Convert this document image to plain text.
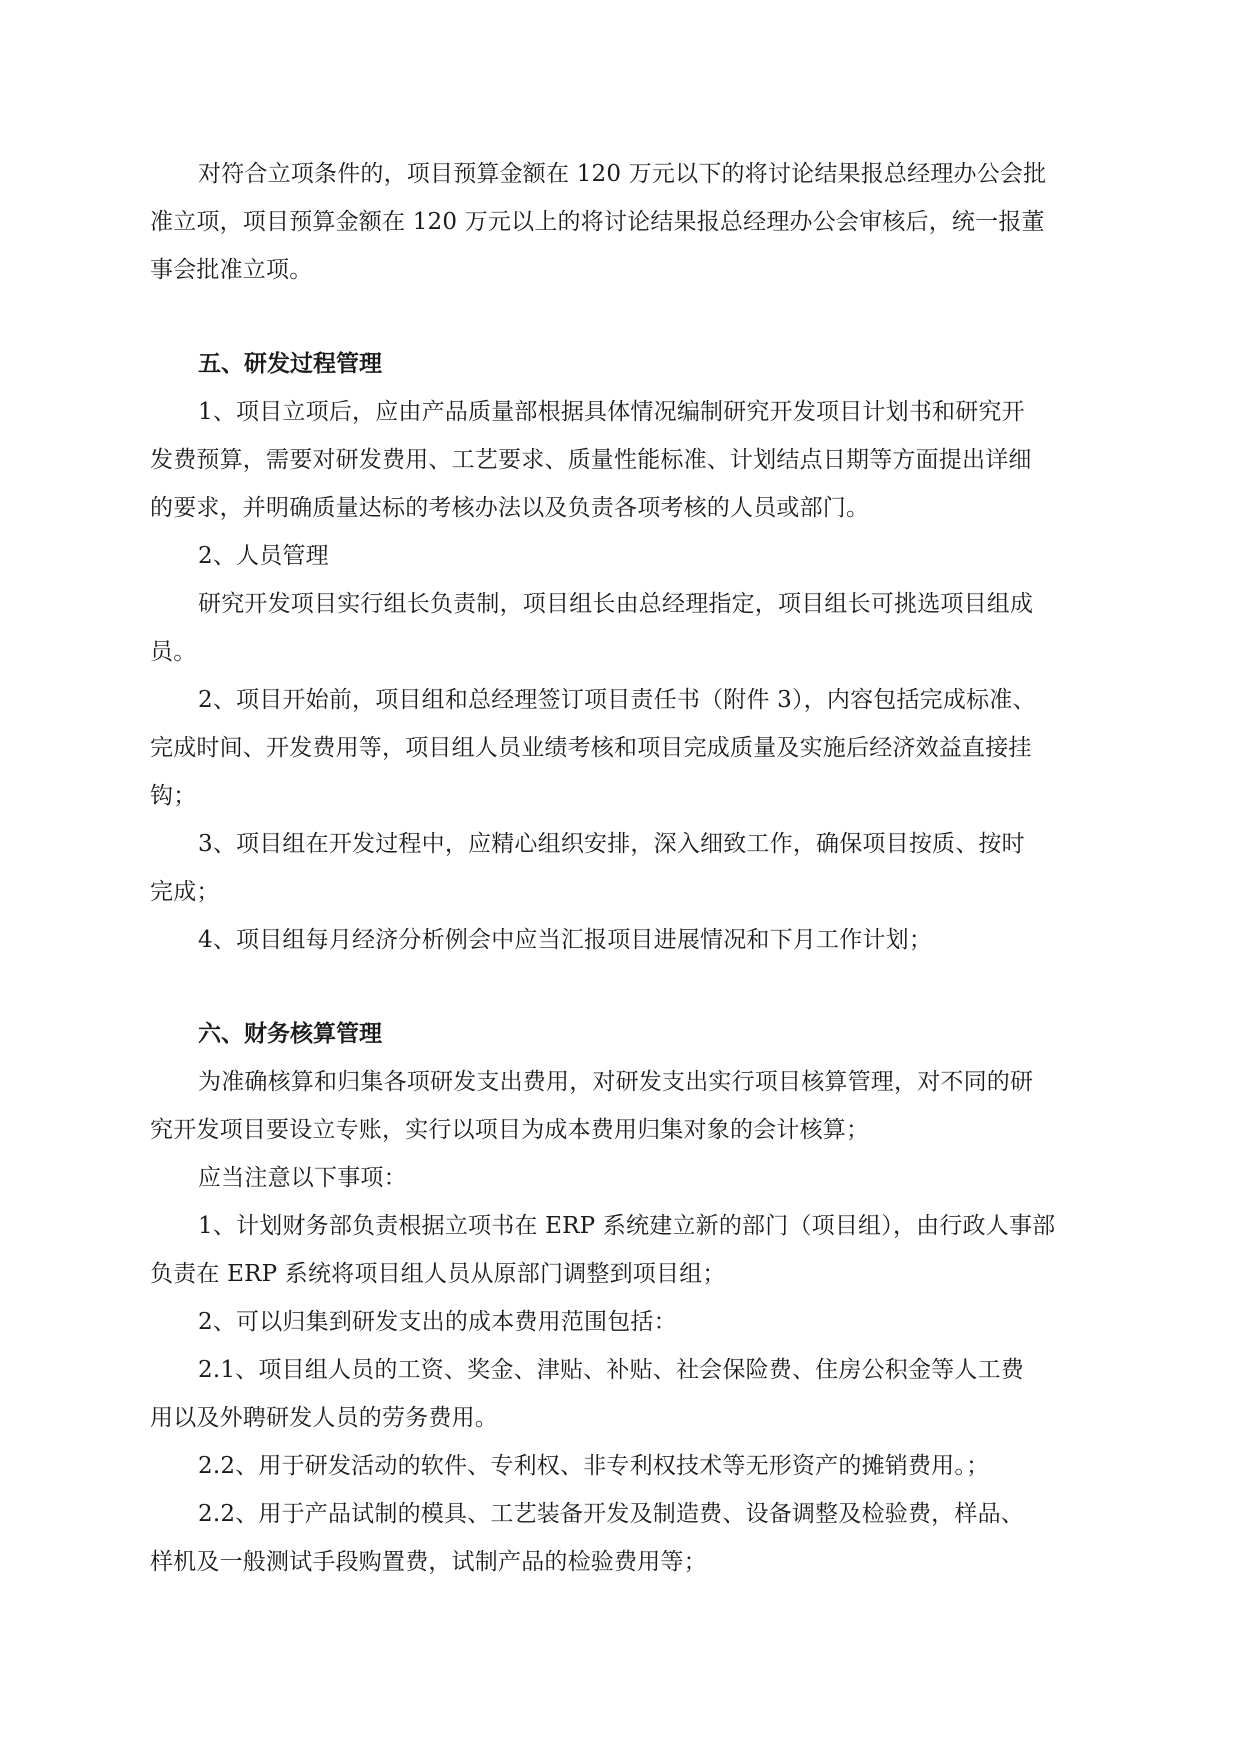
对符合立项条件的，项目预算金额在 120 万元以下的将讨论结果报总经理办公会批
准立项，项目预算金额在 120 万元以上的将讨论结果报总经理办公会审核后，统一报董
事会批准立项。
五、研发过程管理
1、项目立项后，应由产品质量部根据具体情况编制研究开发项目计划书和研究开
发费预算，需要对研发费用、工艺要求、质量性能标准、计划结点日期等方面提出详细
的要求，并明确质量达标的考核办法以及负责各项考核的人员或部门。
2、人员管理
研究开发项目实行组长负责制，项目组长由总经理指定，项目组长可挑选项目组成
员。
2、项目开始前，项目组和总经理签订项目责任书（附件 3），内容包括完成标准、
完成时间、开发费用等，项目组人员业绩考核和项目完成质量及实施后经济效益直接挂
钩；
3、项目组在开发过程中，应精心组织安排，深入细致工作，确保项目按质、按时
完成；
4、项目组每月经济分析例会中应当汇报项目进展情况和下月工作计划；
六、财务核算管理
为准确核算和归集各项研发支出费用，对研发支出实行项目核算管理，对不同的研
究开发项目要设立专账，实行以项目为成本费用归集对象的会计核算；
应当注意以下事项：
1、计划财务部负责根据立项书在 ERP 系统建立新的部门（项目组），由行政人事部
负责在 ERP 系统将项目组人员从原部门调整到项目组；
2、可以归集到研发支出的成本费用范围包括：
2.1、项目组人员的工资、奖金、津贴、补贴、社会保险费、住房公积金等人工费
用以及外聘研发人员的劳务费用。
2.2、用于研发活动的软件、专利权、非专利权技术等无形资产的摊销费用。；
2.2、用于产品试制的模具、工艺装备开发及制造费、设备调整及检验费，样品、
样机及一般测试手段购置费，试制产品的检验费用等；
